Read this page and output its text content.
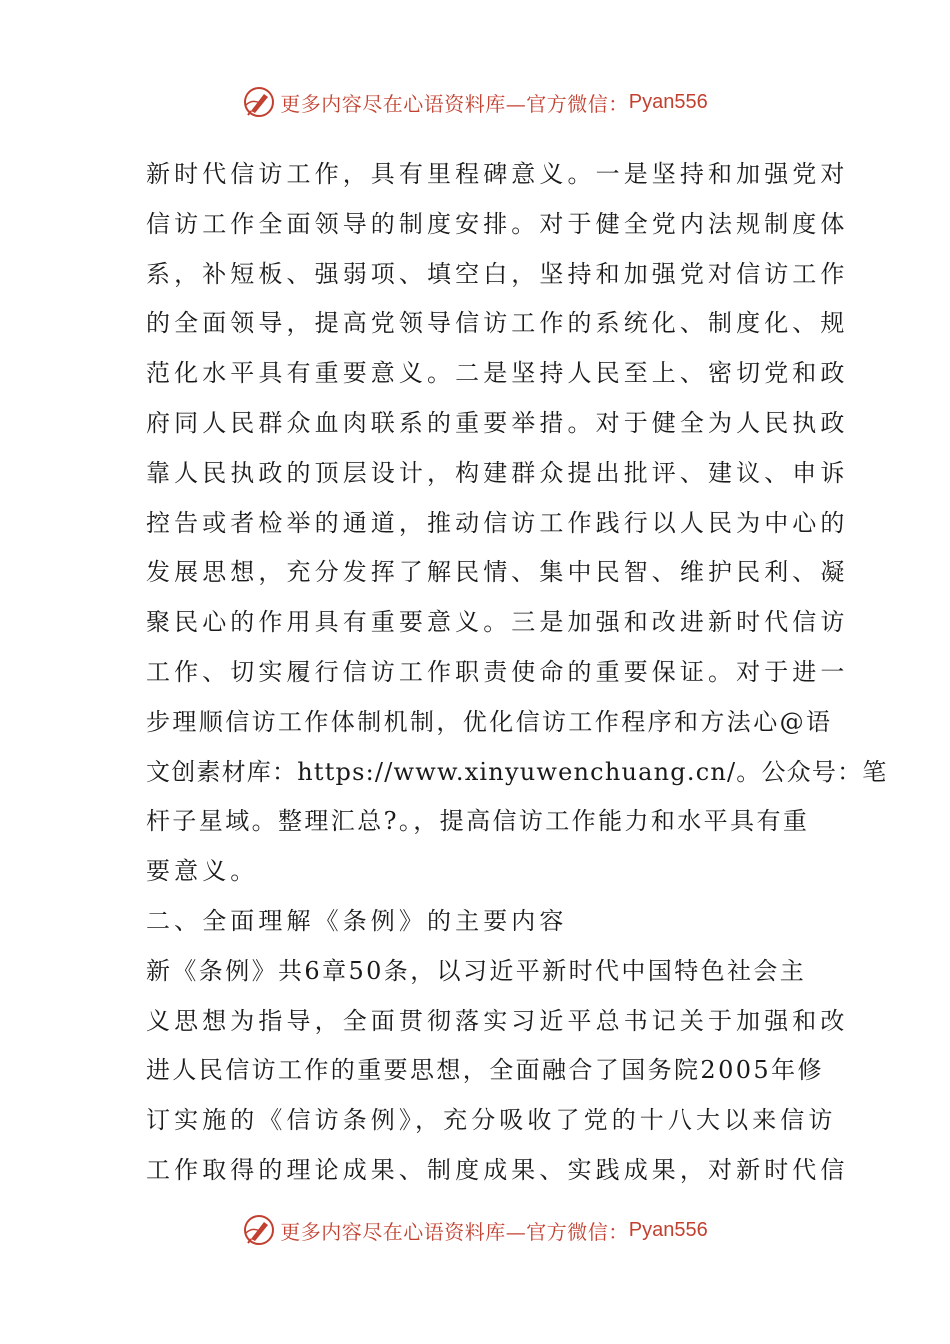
更多内容尽在心语资料库—官方微信： Pyan556
新时代信访工作，具有里程碑意义。一是坚持和加强党对
信访工作全面领导的制度安排。对于健全党内法规制度体
系，补短板、强弱项、填空白，坚持和加强党对信访工作
的全面领导，提高党领导信访工作的系统化、制度化、规
范化水平具有重要意义。二是坚持人民至上、密切党和政
府同人民群众血肉联系的重要举措。对于健全为人民执政
靠人民执政的顶层设计，构建群众提出批评、建议、申诉
控告或者检举的通道，推动信访工作践行以人民为中心的
发展思想，充分发挥了解民情、集中民智、维护民利、凝
聚民心的作用具有重要意义。三是加强和改进新时代信访
工作、切实履行信访工作职责使命的重要保证。对于进一
步理顺信访工作体制机制，优化信访工作程序和方法心@语
文创素材库：https://www.xinyuwenchuang.cn/。公众号：笔
杆子星域。整理汇总?。，提高信访工作能力和水平具有重
要意义。
二、全面理解《条例》的主要内容
新《条例》共6章50条，以习近平新时代中国特色社会主
义思想为指导，全面贯彻落实习近平总书记关于加强和改
进人民信访工作的重要思想，全面融合了国务院2005年修
订实施的《信访条例》，充分吸收了党的十八大以来信访
工作取得的理论成果、制度成果、实践成果，对新时代信
更多内容尽在心语资料库—官方微信： Pyan556
